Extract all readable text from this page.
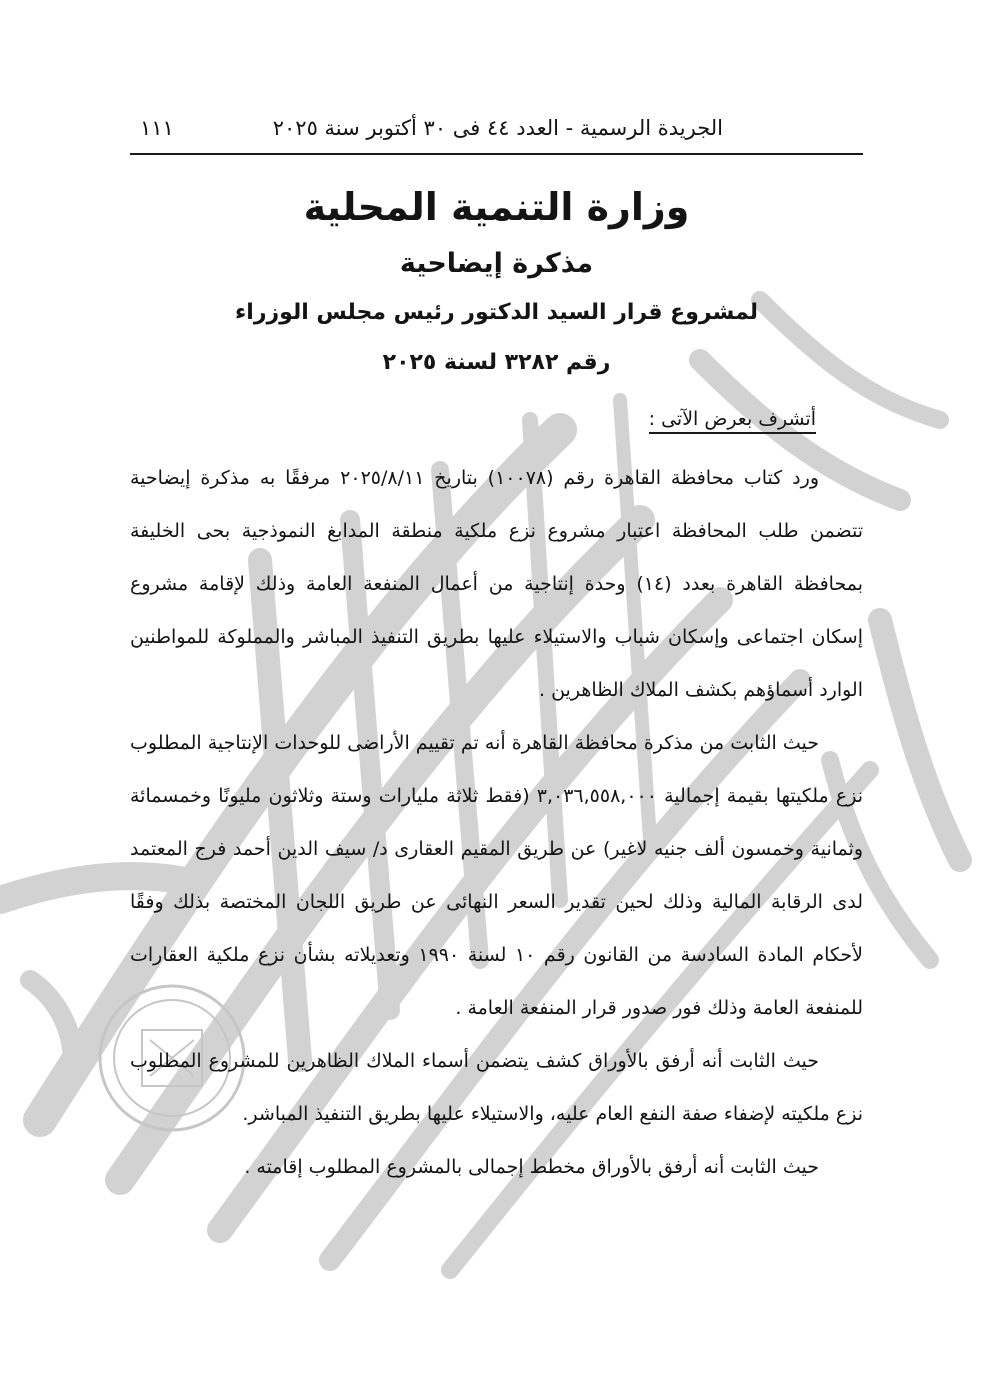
الجريدة الرسمية - العدد ٤٤ فى ٣٠ أكتوبر سنة ٢٠٢٥
١١١
وزارة التنمية المحلية
مذكرة إيضاحية
لمشروع قرار السيد الدكتور رئيس مجلس الوزراء
رقم ٣٢٨٢ لسنة ٢٠٢٥
أتشرف بعرض الآتى :

ورد كتاب محافظة القاهرة رقم (١٠٠٧٨) بتاريخ ٢٠٢٥/٨/١١ مرفقًا به مذكرة إيضاحية تتضمن طلب المحافظة اعتبار مشروع نزع ملكية منطقة المدابغ النموذجية بحى الخليفة بمحافظة القاهرة بعدد (١٤) وحدة إنتاجية من أعمال المنفعة العامة وذلك لإقامة مشروع إسكان اجتماعى وإسكان شباب والاستيلاء عليها بطريق التنفيذ المباشر والمملوكة للمواطنين الوارد أسماؤهم بكشف الملاك الظاهرين .

حيث الثابت من مذكرة محافظة القاهرة أنه تم تقييم الأراضى للوحدات الإنتاجية المطلوب نزع ملكيتها بقيمة إجمالية ٣,٠٣٦,٥٥٨,٠٠٠ (فقط ثلاثة مليارات وستة وثلاثون مليونًا وخمسمائة وثمانية وخمسون ألف جنيه لاغير) عن طريق المقيم العقارى د/ سيف الدين أحمد فرج المعتمد لدى الرقابة المالية وذلك لحين تقدير السعر النهائى عن طريق اللجان المختصة بذلك وفقًا لأحكام المادة السادسة من القانون رقم ١٠ لسنة ١٩٩٠ وتعديلاته بشأن نزع ملكية العقارات للمنفعة العامة وذلك فور صدور قرار المنفعة العامة .

حيث الثابت أنه أرفق بالأوراق كشف يتضمن أسماء الملاك الظاهرين للمشروع المطلوب نزع ملكيته لإضفاء صفة النفع العام عليه، والاستيلاء عليها بطريق التنفيذ المباشر.

حيث الثابت أنه أرفق بالأوراق مخطط إجمالى بالمشروع المطلوب إقامته .
